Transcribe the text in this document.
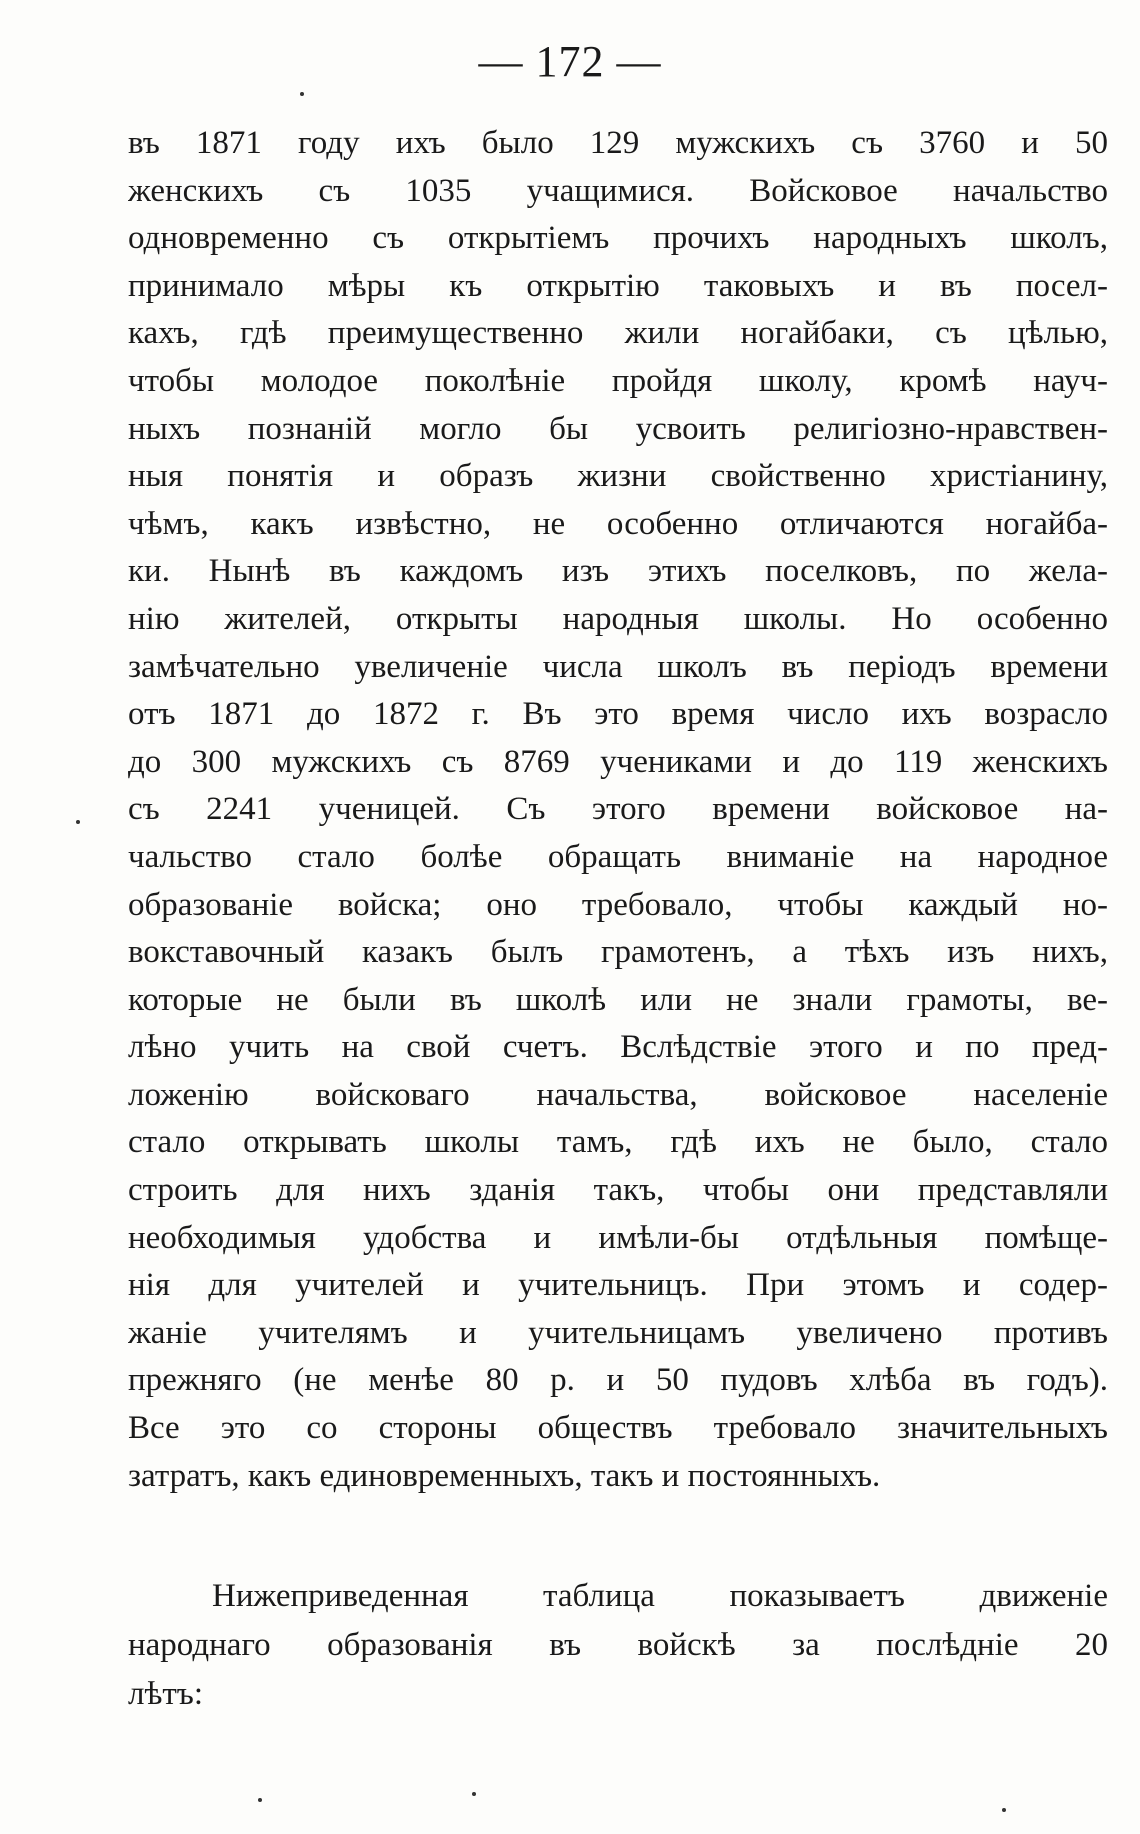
— 172 —
въ 1871 году ихъ было 129 мужскихъ съ 3760 и 50
женскихъ съ 1035 учащимися. Войсковое начальство
одновременно съ открытіемъ прочихъ народныхъ школъ,
принимало мѣры къ открытію таковыхъ и въ посел-
кахъ, гдѣ преимущественно жили ногайбаки, съ цѣлью,
чтобы молодое поколѣніе пройдя школу, кромѣ науч-
ныхъ познаній могло бы усвоить религіозно-нравствен-
ныя понятія и образъ жизни свойственно христіанину,
чѣмъ, какъ извѣстно, не особенно отличаются ногайба-
ки. Нынѣ въ каждомъ изъ этихъ поселковъ, по жела-
нію жителей, открыты народныя школы. Но особенно
замѣчательно увеличеніе числа школъ въ періодъ времени
отъ 1871 до 1872 г. Въ это время число ихъ возрасло
до 300 мужскихъ съ 8769 учениками и до 119 женскихъ
съ 2241 ученицей. Съ этого времени войсковое на-
чальство стало болѣе обращать вниманіе на народное
образованіе войска; оно требовало, чтобы каждый но-
вокставочный казакъ былъ грамотенъ, а тѣхъ изъ нихъ,
которые не были въ школѣ или не знали грамоты, ве-
лѣно учить на свой счетъ. Вслѣдствіе этого и по пред-
ложенію войсковаго начальства, войсковое населеніе
стало открывать школы тамъ, гдѣ ихъ не было, стало
строить для нихъ зданія такъ, чтобы они представляли
необходимыя удобства и имѣли-бы отдѣльныя помѣще-
нія для учителей и учительницъ. При этомъ и содер-
жаніе учителямъ и учительницамъ увеличено противъ
прежняго (не менѣе 80 р. и 50 пудовъ хлѣба въ годъ).
Все это со стороны обществъ требовало значительныхъ
затратъ, какъ единовременныхъ, такъ и постоянныхъ.
Нижеприведенная таблица показываетъ движеніе
народнаго образованія въ войскѣ за послѣдніе 20
лѣтъ:
